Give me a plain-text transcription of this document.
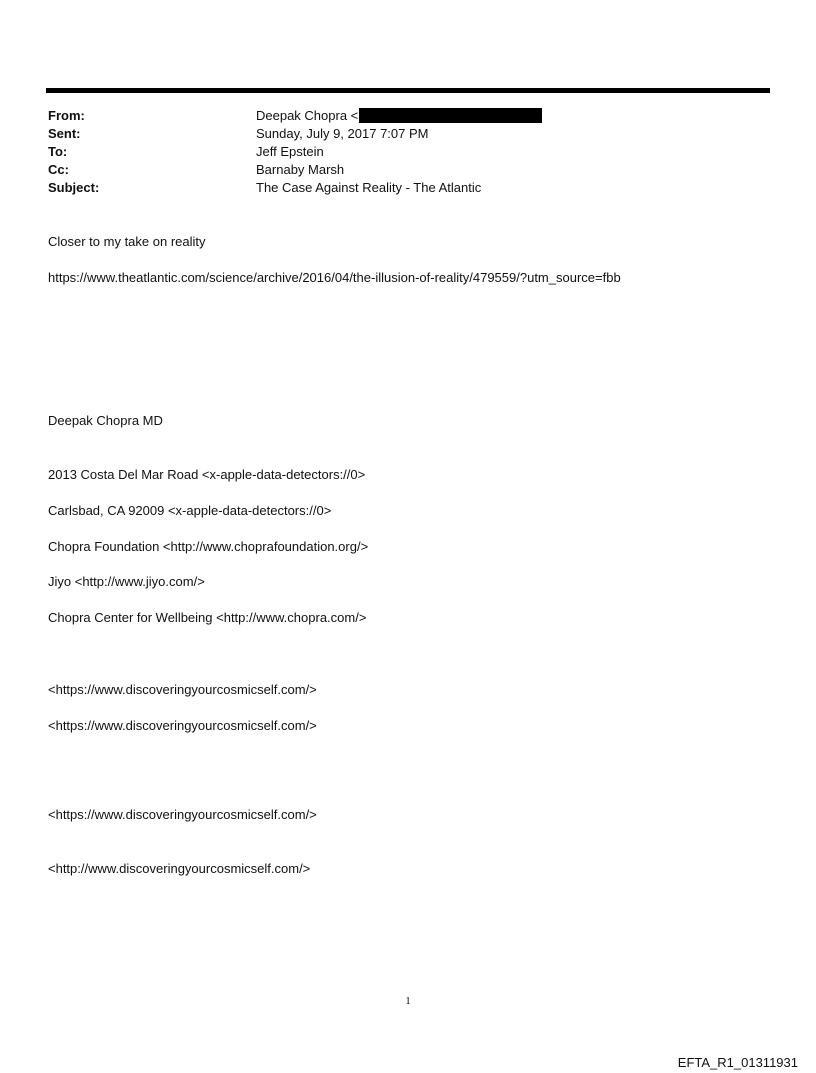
From:	Deepak Chopra <
Sent:	Sunday, July 9, 2017 7:07 PM
To:	Jeff Epstein
Cc:	Barnaby Marsh
Subject:	The Case Against Reality - The Atlantic
Closer to my take on reality
https://www.theatlantic.com/science/archive/2016/04/the-illusion-of-reality/479559/?utm_source=fbb
Deepak Chopra MD
2013 Costa Del Mar Road <x-apple-data-detectors://0>
Carlsbad, CA 92009 <x-apple-data-detectors://0>
Chopra Foundation <http://www.choprafoundation.org/>
Jiyo <http://www.jiyo.com/>
Chopra Center for Wellbeing <http://www.chopra.com/>
<https://www.discoveringyourcosmicself.com/>
<https://www.discoveringyourcosmicself.com/>
<https://www.discoveringyourcosmicself.com/>
<http://www.discoveringyourcosmicself.com/>
1
EFTA_R1_01311931
